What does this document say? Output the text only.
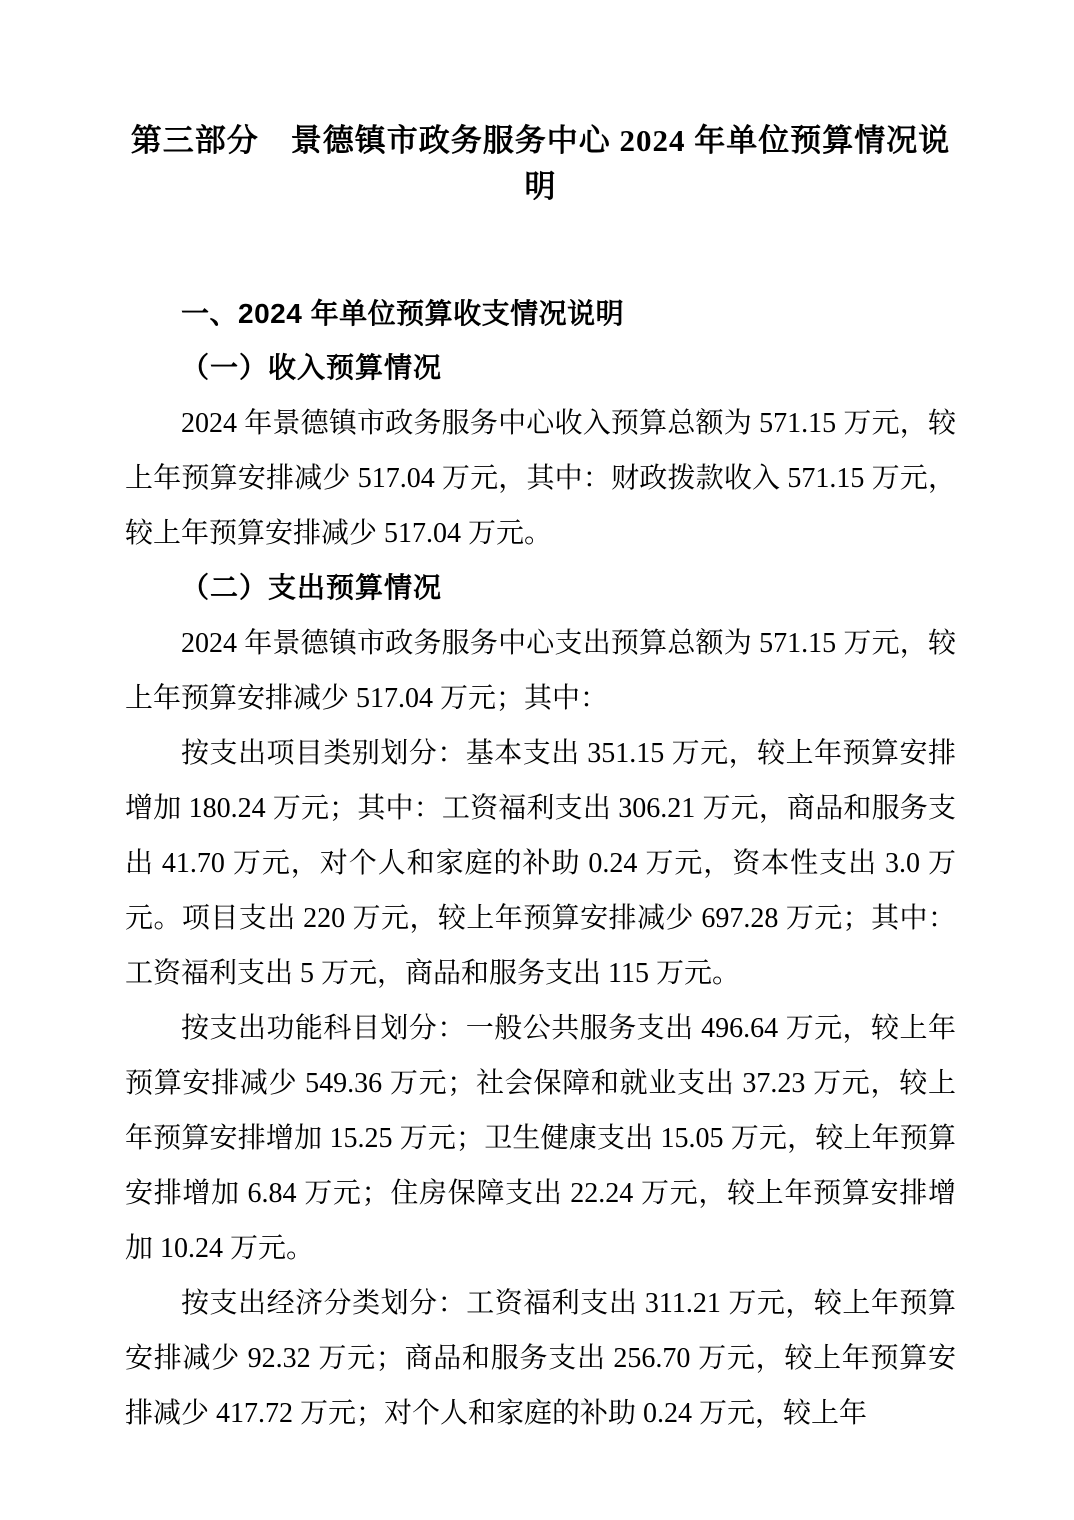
第三部分　景德镇市政务服务中心 2024 年单位预算情况说明

一、2024 年单位预算收支情况说明

（一）收入预算情况

2024 年景德镇市政务服务中心收入预算总额为 571.15 万元，较上年预算安排减少 517.04 万元，其中：财政拨款收入 571.15 万元，较上年预算安排减少 517.04 万元。

（二）支出预算情况

2024 年景德镇市政务服务中心支出预算总额为 571.15 万元，较上年预算安排减少 517.04 万元；其中：

按支出项目类别划分：基本支出 351.15 万元，较上年预算安排增加 180.24 万元；其中：工资福利支出 306.21 万元，商品和服务支出 41.70 万元，对个人和家庭的补助 0.24 万元，资本性支出 3.0 万元。项目支出 220 万元，较上年预算安排减少 697.28 万元；其中：工资福利支出 5 万元，商品和服务支出 115 万元。

按支出功能科目划分：一般公共服务支出 496.64 万元，较上年预算安排减少 549.36 万元；社会保障和就业支出 37.23 万元，较上年预算安排增加 15.25 万元；卫生健康支出 15.05 万元，较上年预算安排增加 6.84 万元；住房保障支出 22.24 万元，较上年预算安排增加 10.24 万元。

按支出经济分类划分：工资福利支出 311.21 万元，较上年预算安排减少 92.32 万元；商品和服务支出 256.70 万元，较上年预算安排减少 417.72 万元；对个人和家庭的补助 0.24 万元，较上年
